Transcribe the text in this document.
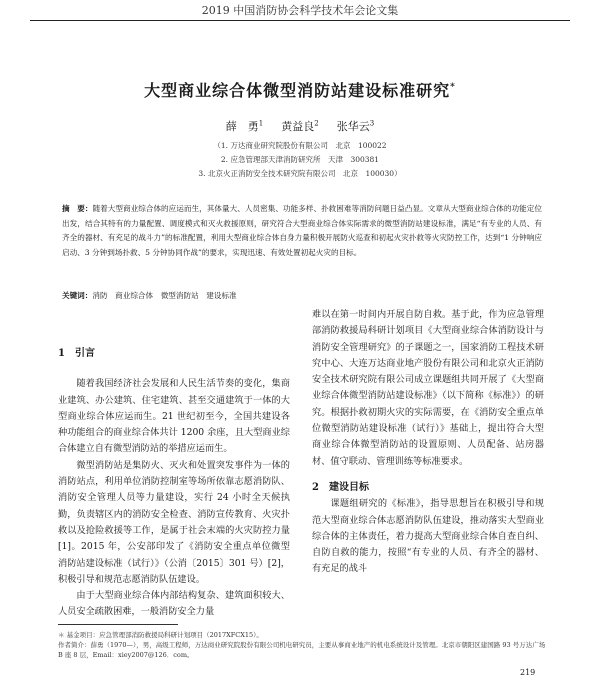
2019 中国消防协会科学技术年会论文集
大型商业综合体微型消防站建设标准研究*
薛　勇$^1$   黄益良$^2$   张华云$^3$
（1. 万达商业研究院股份有限公司　北京　100022
2. 应急管理部天津消防研究所　天津　300381
3. 北京火正消防安全技术研究院有限公司　北京　100030）
摘　要：随着大型商业综合体的应运而生，其体量大、人员密集、功能多样、扑救困难等消防问题日益凸显。文章从大型商业综合体的功能定位出发，结合其特有的力量配置、调度模式和灭火救援原则，研究符合大型商业综合体实际需求的微型消防站建设标准，满足“有专业的人员、有齐全的器材、有充足的战斗力”的标准配置，利用大型商业综合体自身力量积极开展防火巡查和初起火灾扑救等火灾防控工作，达到“1 分钟响应启动、3 分钟到场扑救、5 分钟协同作战”的要求，实现迅速、有效处置初起火灾的目标。
关键词：消防　商业综合体　微型消防站　建设标准

1　引言

随着我国经济社会发展和人民生活节奏的变化，集商业建筑、办公建筑、住宅建筑、甚至交通建筑于一体的大型商业综合体应运而生。21 世纪初至今，全国共建设各种功能组合的商业综合体共计 1200 余座，且大型商业综合体建立自有微型消防站的举措应运而生。

微型消防站是集防火、灭火和处置突发事件为一体的消防站点，利用单位消防控制室等场所依靠志愿消防队、消防安全管理人员等力量建设，实行 24 小时全天候执勤，负责辖区内的消防安全检查、消防宣传教育、火灾扑救以及抢险救援等工作，是属于社会末端的火灾防控力量[1]。2015 年，公安部印发了《消防安全重点单位微型消防站建设标准（试行）》（公消〔2015〕301 号）[2]，积极引导和规范志愿消防队伍建设。

由于大型商业综合体内部结构复杂、建筑面积较大、人员安全疏散困难，一般消防安全力量

难以在第一时间内开展自防自救。基于此，作为应急管理部消防救援局科研计划项目《大型商业综合体消防设计与消防安全管理研究》的子课题之一，国家消防工程技术研究中心、大连万达商业地产股份有限公司和北京火正消防安全技术研究院有限公司成立课题组共同开展了《大型商业综合体微型消防站建设标准》（以下简称《标准》）的研究。根据扑救初期火灾的实际需要，在《消防安全重点单位微型消防站建设标准（试行）》基础上，提出符合大型商业综合体微型消防站的设置原则、人员配备、站房器材、值守联动、管理训练等标准要求。

2　建设目标

课题组研究的《标准》，指导思想旨在积极引导和规范大型商业综合体志愿消防队伍建设，推动落实大型商业综合体的主体责任，着力提高大型商业综合体自查自纠、自防自救的能力，按照“有专业的人员、有齐全的器材、有充足的战斗

＊ 基金项目：应急管理部消防救援局科研计划项目（2017XFCX15）。
作者简介：薛勇（1970—），男，高级工程师，万达商业研究院股份有限公司机电研究员，主要从事商业地产的机电系统设计及管理。北京市朝阳区建国路 93 号万达广场 B 座 8 层，Email：xiey2007@126．com。
219
